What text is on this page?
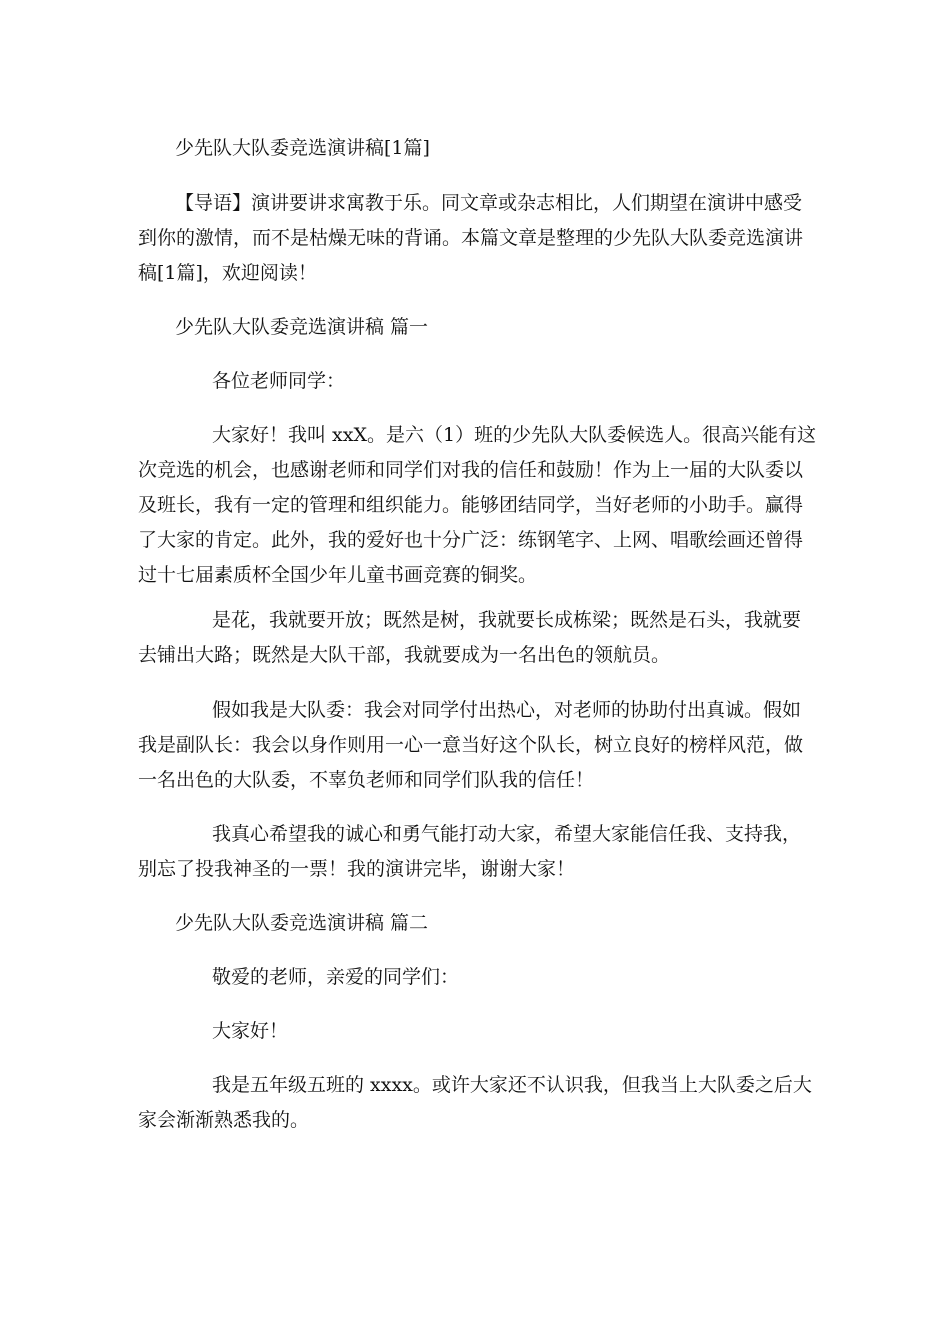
少先队大队委竞选演讲稿[1篇]
【导语】演讲要讲求寓教于乐。同文章或杂志相比，人们期望在演讲中感受
到你的激情，而不是枯燥无味的背诵。本篇文章是整理的少先队大队委竞选演讲
稿[1篇]，欢迎阅读！
少先队大队委竞选演讲稿 篇一
各位老师同学：
大家好！我叫 xxX。是六（1）班的少先队大队委候选人。很高兴能有这
次竞选的机会，也感谢老师和同学们对我的信任和鼓励！作为上一届的大队委以
及班长，我有一定的管理和组织能力。能够团结同学，当好老师的小助手。赢得
了大家的肯定。此外，我的爱好也十分广泛：练钢笔字、上网、唱歌绘画还曾得
过十七届素质杯全国少年儿童书画竞赛的铜奖。
是花，我就要开放；既然是树，我就要长成栋梁；既然是石头，我就要
去铺出大路；既然是大队干部，我就要成为一名出色的领航员。
假如我是大队委：我会对同学付出热心，对老师的协助付出真诚。假如
我是副队长：我会以身作则用一心一意当好这个队长，树立良好的榜样风范，做
一名出色的大队委，不辜负老师和同学们队我的信任！
我真心希望我的诚心和勇气能打动大家，希望大家能信任我、支持我，
别忘了投我神圣的一票！我的演讲完毕，谢谢大家！
少先队大队委竞选演讲稿 篇二
敬爱的老师，亲爱的同学们：
大家好！
我是五年级五班的 xxxx。或许大家还不认识我，但我当上大队委之后大
家会渐渐熟悉我的。
